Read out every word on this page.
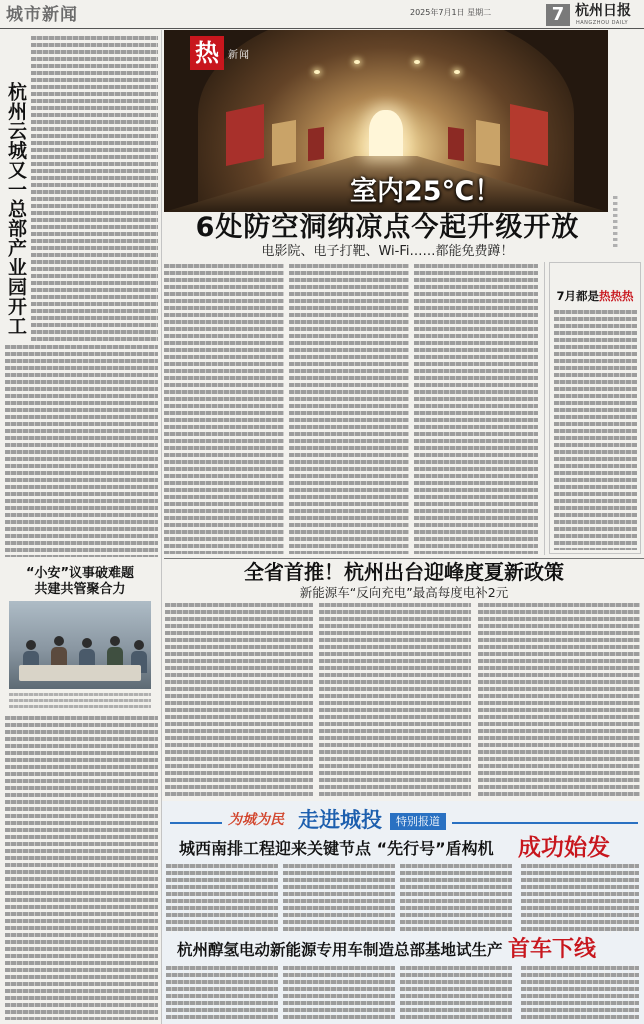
城市新闻	2025年7月1日 星期二	7 杭州日报
HANGZHOU DAILY
杭州云城又一总部产业园开工
“小安”议事破难题
共建共管聚合力
热 新闻
室内25℃！
6处防空洞纳凉点今起升级开放
电影院、电子打靶、Wi-Fi……都能免费蹲！
7月都是热热热
全省首推！杭州出台迎峰度夏新政策
新能源车“反向充电”最高每度电补2元
为城为民 走进城投	特别报道
城西南排工程迎来关键节点 “先行号”盾构机 成功始发
杭州醇氢电动新能源专用车制造总部基地试生产 首车下线
